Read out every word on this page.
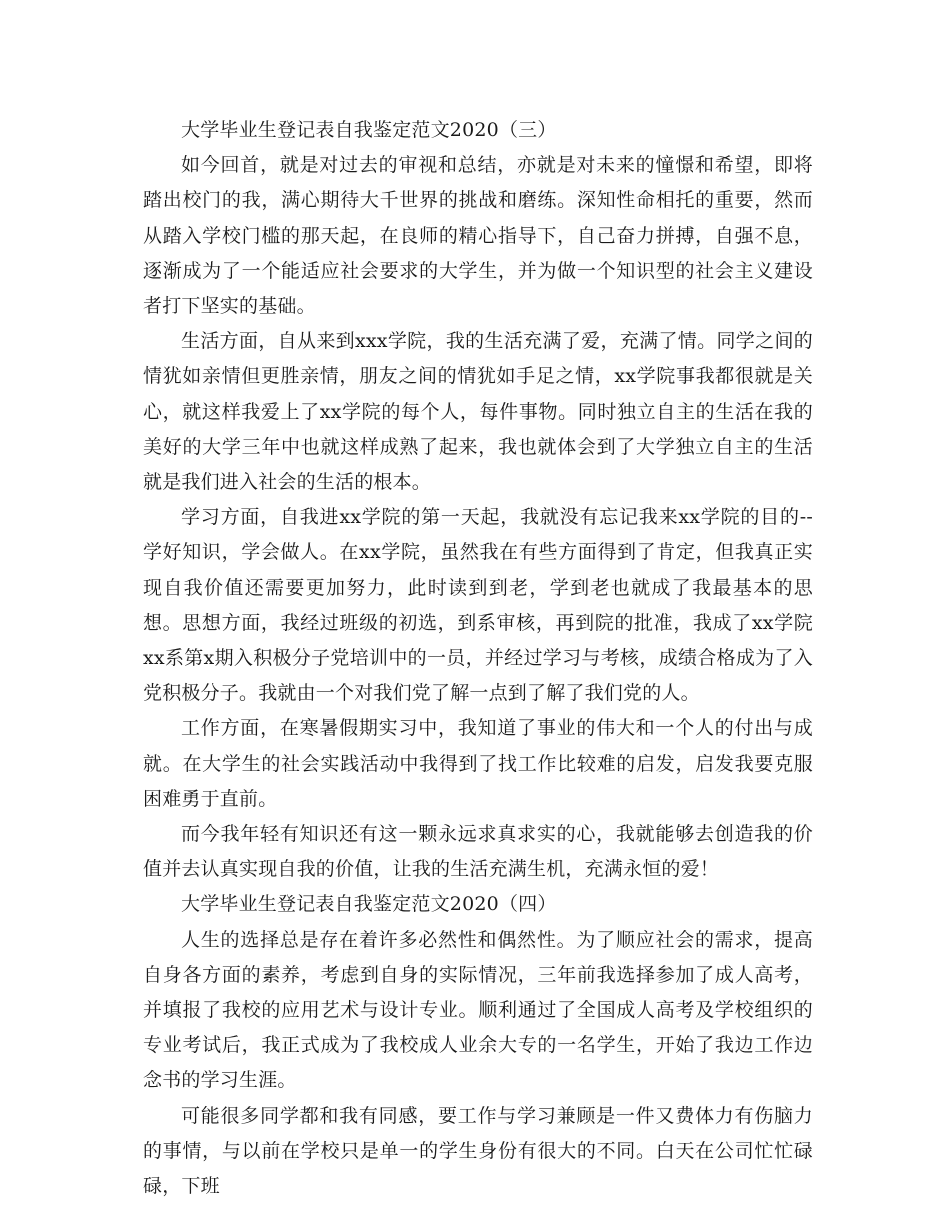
大学毕业生登记表自我鉴定范文2020（三）

如今回首，就是对过去的审视和总结，亦就是对未来的憧憬和希望，即将踏出校门的我，满心期待大千世界的挑战和磨练。深知性命相托的重要，然而从踏入学校门槛的那天起，在良师的精心指导下，自己奋力拼搏，自强不息，逐渐成为了一个能适应社会要求的大学生，并为做一个知识型的社会主义建设者打下坚实的基础。

生活方面，自从来到xxx学院，我的生活充满了爱，充满了情。同学之间的情犹如亲情但更胜亲情，朋友之间的情犹如手足之情，xx学院事我都很就是关心，就这样我爱上了xx学院的每个人，每件事物。同时独立自主的生活在我的美好的大学三年中也就这样成熟了起来，我也就体会到了大学独立自主的生活就是我们进入社会的生活的根本。

学习方面，自我进xx学院的第一天起，我就没有忘记我来xx学院的目的--学好知识，学会做人。在xx学院，虽然我在有些方面得到了肯定，但我真正实现自我价值还需要更加努力，此时读到到老，学到老也就成了我最基本的思想。思想方面，我经过班级的初选，到系审核，再到院的批准，我成了xx学院xx系第x期入积极分子党培训中的一员，并经过学习与考核，成绩合格成为了入党积极分子。我就由一个对我们党了解一点到了解了我们党的人。

工作方面，在寒暑假期实习中，我知道了事业的伟大和一个人的付出与成就。在大学生的社会实践活动中我得到了找工作比较难的启发，启发我要克服困难勇于直前。

而今我年轻有知识还有这一颗永远求真求实的心，我就能够去创造我的价值并去认真实现自我的价值，让我的生活充满生机，充满永恒的爱！

大学毕业生登记表自我鉴定范文2020（四）

人生的选择总是存在着许多必然性和偶然性。为了顺应社会的需求，提高自身各方面的素养，考虑到自身的实际情况，三年前我选择参加了成人高考，并填报了我校的应用艺术与设计专业。顺利通过了全国成人高考及学校组织的专业考试后，我正式成为了我校成人业余大专的一名学生，开始了我边工作边念书的学习生涯。

可能很多同学都和我有同感，要工作与学习兼顾是一件又费体力有伤脑力的事情，与以前在学校只是单一的学生身份有很大的不同。白天在公司忙忙碌碌，下班
